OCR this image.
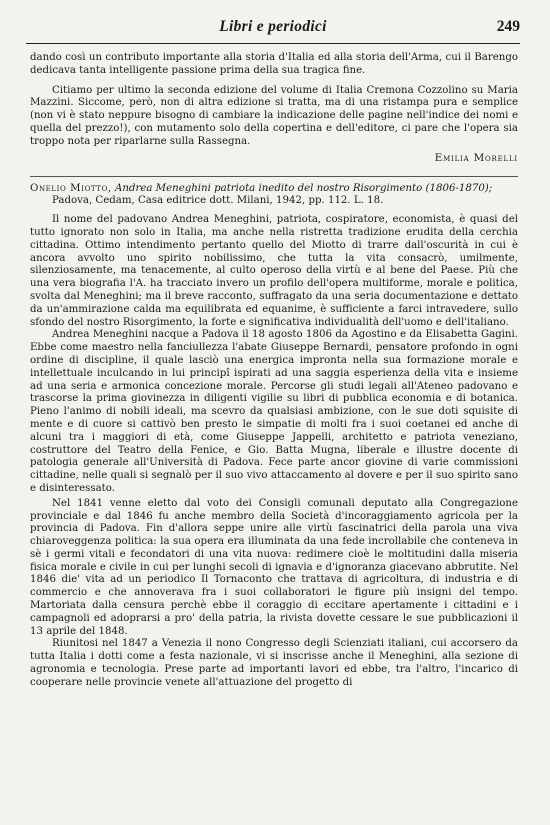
Libri e periodici	249

dando così un contributo importante alla storia d'Italia ed alla storia dell'Arma, cui il Barengo dedicava tanta intelligente passione prima della sua tragica fine.

Citiamo per ultimo la seconda edizione del volume di Italia Cremona Cozzolino su Maria Mazzini. Siccome, però, non di altra edizione si tratta, ma di una ristampa pura e semplice (non vi è stato neppure bisogno di cambiare la indicazione delle pagine nell'indice dei nomi e quella del prezzo!), con mutamento solo della copertina e dell'editore, ci pare che l'opera sia troppo nota per riparlarne sulla Rassegna.

Emilia Morelli
Onelio Miotto, Andrea Meneghini patriota inedito del nostro Risorgimento (1806-1870);
Padova, Cedam, Casa editrice dott. Milani, 1942, pp. 112. L. 18.

Il nome del padovano Andrea Meneghini, patriota, cospiratore, economista, è quasi del tutto ignorato non solo in Italia, ma anche nella ristretta tradizione erudita della cerchia cittadina. Ottimo intendimento pertanto quello del Miotto di trarre dall'oscurità in cui è ancora avvolto uno spirito nobilissimo, che tutta la vita consacrò, umilmente, silenziosamente, ma tenacemente, al culto operoso della virtù e al bene del Paese. Più che una vera biografia l'A. ha tracciato invero un profilo dell'opera multiforme, morale e politica, svolta dal Meneghini; ma il breve racconto, suffragato da una seria documentazione e dettato da un'ammirazione calda ma equilibrata ed equanime, è sufficiente a farci intravedere, sullo sfondo del nostro Risorgimento, la forte e significativa individualità dell'uomo e dell'italiano.

Andrea Meneghini nacque a Padova il 18 agosto 1806 da Agostino e da Elisabetta Gagini. Ebbe come maestro nella fanciullezza l'abate Giuseppe Bernardi, pensatore profondo in ogni ordine di discipline, il quale lasciò una energica impronta nella sua formazione morale e intellettuale inculcando in lui principî ispirati ad una saggia esperienza della vita e insieme ad una seria e armonica concezione morale. Percorse gli studi legali all'Ateneo padovano e trascorse la prima giovinezza in diligenti vigilie su libri di pubblica economia e di botanica. Pieno l'animo di nobili ideali, ma scevro da qualsiasi ambizione, con le sue doti squisite di mente e di cuore si cattivò ben presto le simpatie di molti fra i suoi coetanei ed anche di alcuni tra i maggiori di età, come Giuseppe Jappelli, architetto e patriota veneziano, costruttore del Teatro della Fenice, e Gio. Batta Mugna, liberale e illustre docente di patologia generale all'Università di Padova. Fece parte ancor giovine di varie commissioni cittadine, nelle quali si segnalò per il suo vivo attaccamento al dovere e per il suo spirito sano e disinteressato.

Nel 1841 venne eletto dal voto dei Consigli comunali deputato alla Congregazione provinciale e dal 1846 fu anche membro della Società d'incoraggiamento agricola per la provincia di Padova. Fin d'allora seppe unire alle virtù fascinatrici della parola una viva chiaroveggenza politica: la sua opera era illuminata da una fede incrollabile che conteneva in sè i germi vitali e fecondatori di una vita nuova: redimere cioè le moltitudini dalla miseria fisica morale e civile in cui per lunghi secoli di ignavia e d'ignoranza giacevano abbrutite. Nel 1846 die' vita ad un periodico Il Tornaconto che trattava di agricoltura, di industria e di commercio e che annoverava fra i suoi collaboratori le figure più insigni del tempo. Martoriata dalla censura perchè ebbe il coraggio di eccitare apertamente i cittadini e i campagnoli ed adoprarsi a pro' della patria, la rivista dovette cessare le sue pubblicazioni il 13 aprile del 1848.

Riunitosi nel 1847 a Venezia il nono Congresso degli Scienziati italiani, cui accorsero da tutta Italia i dotti come a festa nazionale, vi si inscrisse anche il Meneghini, alla sezione di agronomia e tecnologia. Prese parte ad importanti lavori ed ebbe, tra l'altro, l'incarico di cooperare nelle provincie venete all'attuazione del progetto di
